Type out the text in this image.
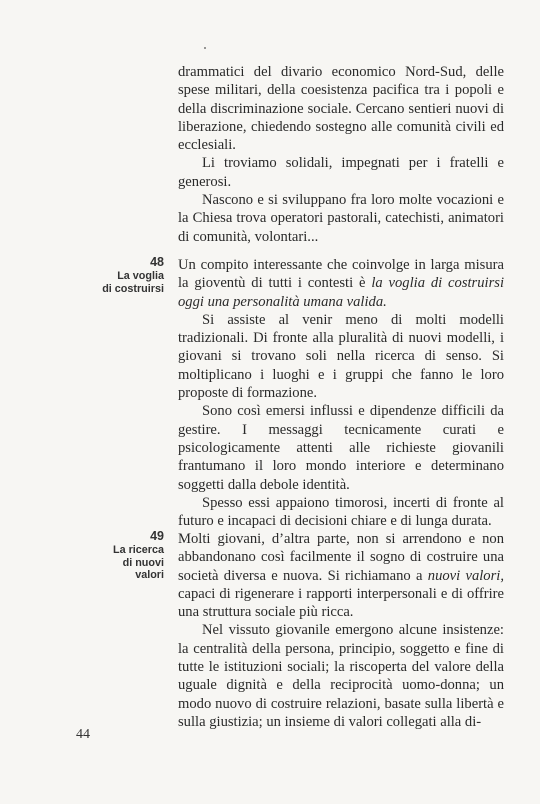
drammatici del divario economico Nord-Sud, delle spese militari, della coesistenza pacifica tra i popoli e della discriminazione sociale. Cercano sentieri nuovi di liberazione, chiedendo sostegno alle comunità civili ed ecclesiali.

Li troviamo solidali, impegnati per i fratelli e generosi.

Nascono e si sviluppano fra loro molte vocazioni e la Chiesa trova operatori pastorali, catechisti, animatori di comunità, volontari...

48
La voglia
di costruirsi

Un compito interessante che coinvolge in larga misura la gioventù di tutti i contesti è la voglia di costruirsi oggi una personalità umana valida.

Si assiste al venir meno di molti modelli tradizionali. Di fronte alla pluralità di nuovi modelli, i giovani si trovano soli nella ricerca di senso. Si moltiplicano i luoghi e i gruppi che fanno le loro proposte di formazione.

Sono così emersi influssi e dipendenze difficili da gestire. I messaggi tecnicamente curati e psicologicamente attenti alle richieste giovanili frantumano il loro mondo interiore e determinano soggetti dalla debole identità.

Spesso essi appaiono timorosi, incerti di fronte al futuro e incapaci di decisioni chiare e di lunga durata.

49
La ricerca
di nuovi
valori

Molti giovani, d’altra parte, non si arrendono e non abbandonano così facilmente il sogno di costruire una società diversa e nuova. Si richiamano a nuovi valori, capaci di rigenerare i rapporti interpersonali e di offrire una struttura sociale più ricca.

Nel vissuto giovanile emergono alcune insistenze: la centralità della persona, principio, soggetto e fine di tutte le istituzioni sociali; la riscoperta del valore della uguale dignità e della reciprocità uomo-donna; un modo nuovo di costruire relazioni, basate sulla libertà e sulla giustizia; un insieme di valori collegati alla di-

44
